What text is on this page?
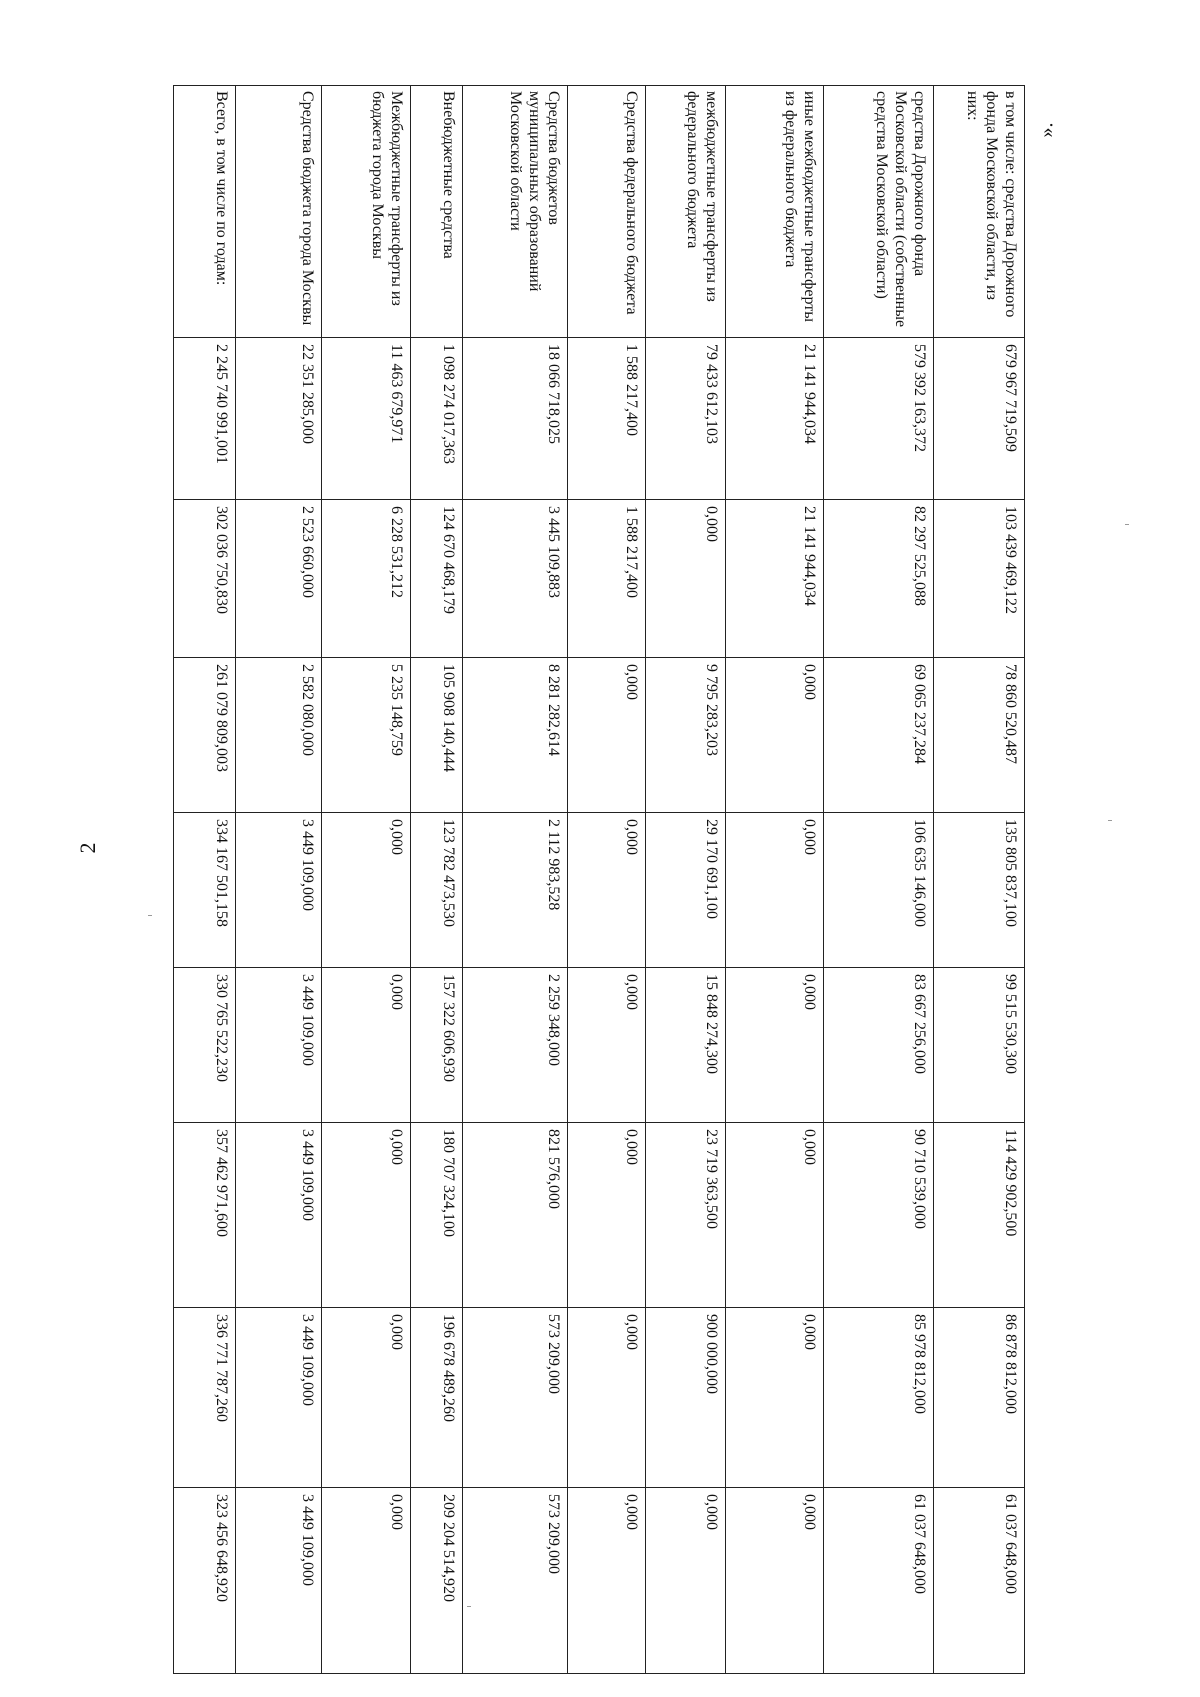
2
в том числе: средства Дорожного фонда Московской области, из них:	679 967 719,509	103 439 469,122	78 860 520,487	135 805 837,100	99 515 530,300	114 429 902,500	86 878 812,000	61 037 648,000
средства Дорожного фонда Московской области (собственные средства Московской области)	579 392 163,372	82 297 525,088	69 065 237,284	106 635 146,000	83 667 256,000	90 710 539,000	85 978 812,000	61 037 648,000
иные межбюджетные трансферты из федерального бюджета	21 141 944,034	21 141 944,034	0,000	0,000	0,000	0,000	0,000	0,000
межбюджетные трансферты из федерального бюджета	79 433 612,103	0,000	9 795 283,203	29 170 691,100	15 848 274,300	23 719 363,500	900 000,000	0,000
Средства федерального бюджета	1 588 217,400	1 588 217,400	0,000	0,000	0,000	0,000	0,000	0,000
Средства бюджетов муниципальных образований Московской области	18 066 718,025	3 445 109,883	8 281 282,614	2 112 983,528	2 259 348,000	821 576,000	573 209,000	573 209,000
Внебюджетные средства	1 098 274 017,363	124 670 468,179	105 908 140,444	123 782 473,530	157 322 606,930	180 707 324,100	196 678 489,260	209 204 514,920
Межбюджетные трансферты из бюджета города Москвы	11 463 679,971	6 228 531,212	5 235 148,759	0,000	0,000	0,000	0,000	0,000
Средства бюджета города Москвы	22 351 285,000	2 523 660,000	2 582 080,000	3 449 109,000	3 449 109,000	3 449 109,000	3 449 109,000	3 449 109,000
Всего, в том числе по годам:	2 245 740 991,001	302 036 750,830	261 079 809,003	334 167 501,158	330 765 522,230	357 462 971,600	336 771 787,260	323 456 648,920
».
